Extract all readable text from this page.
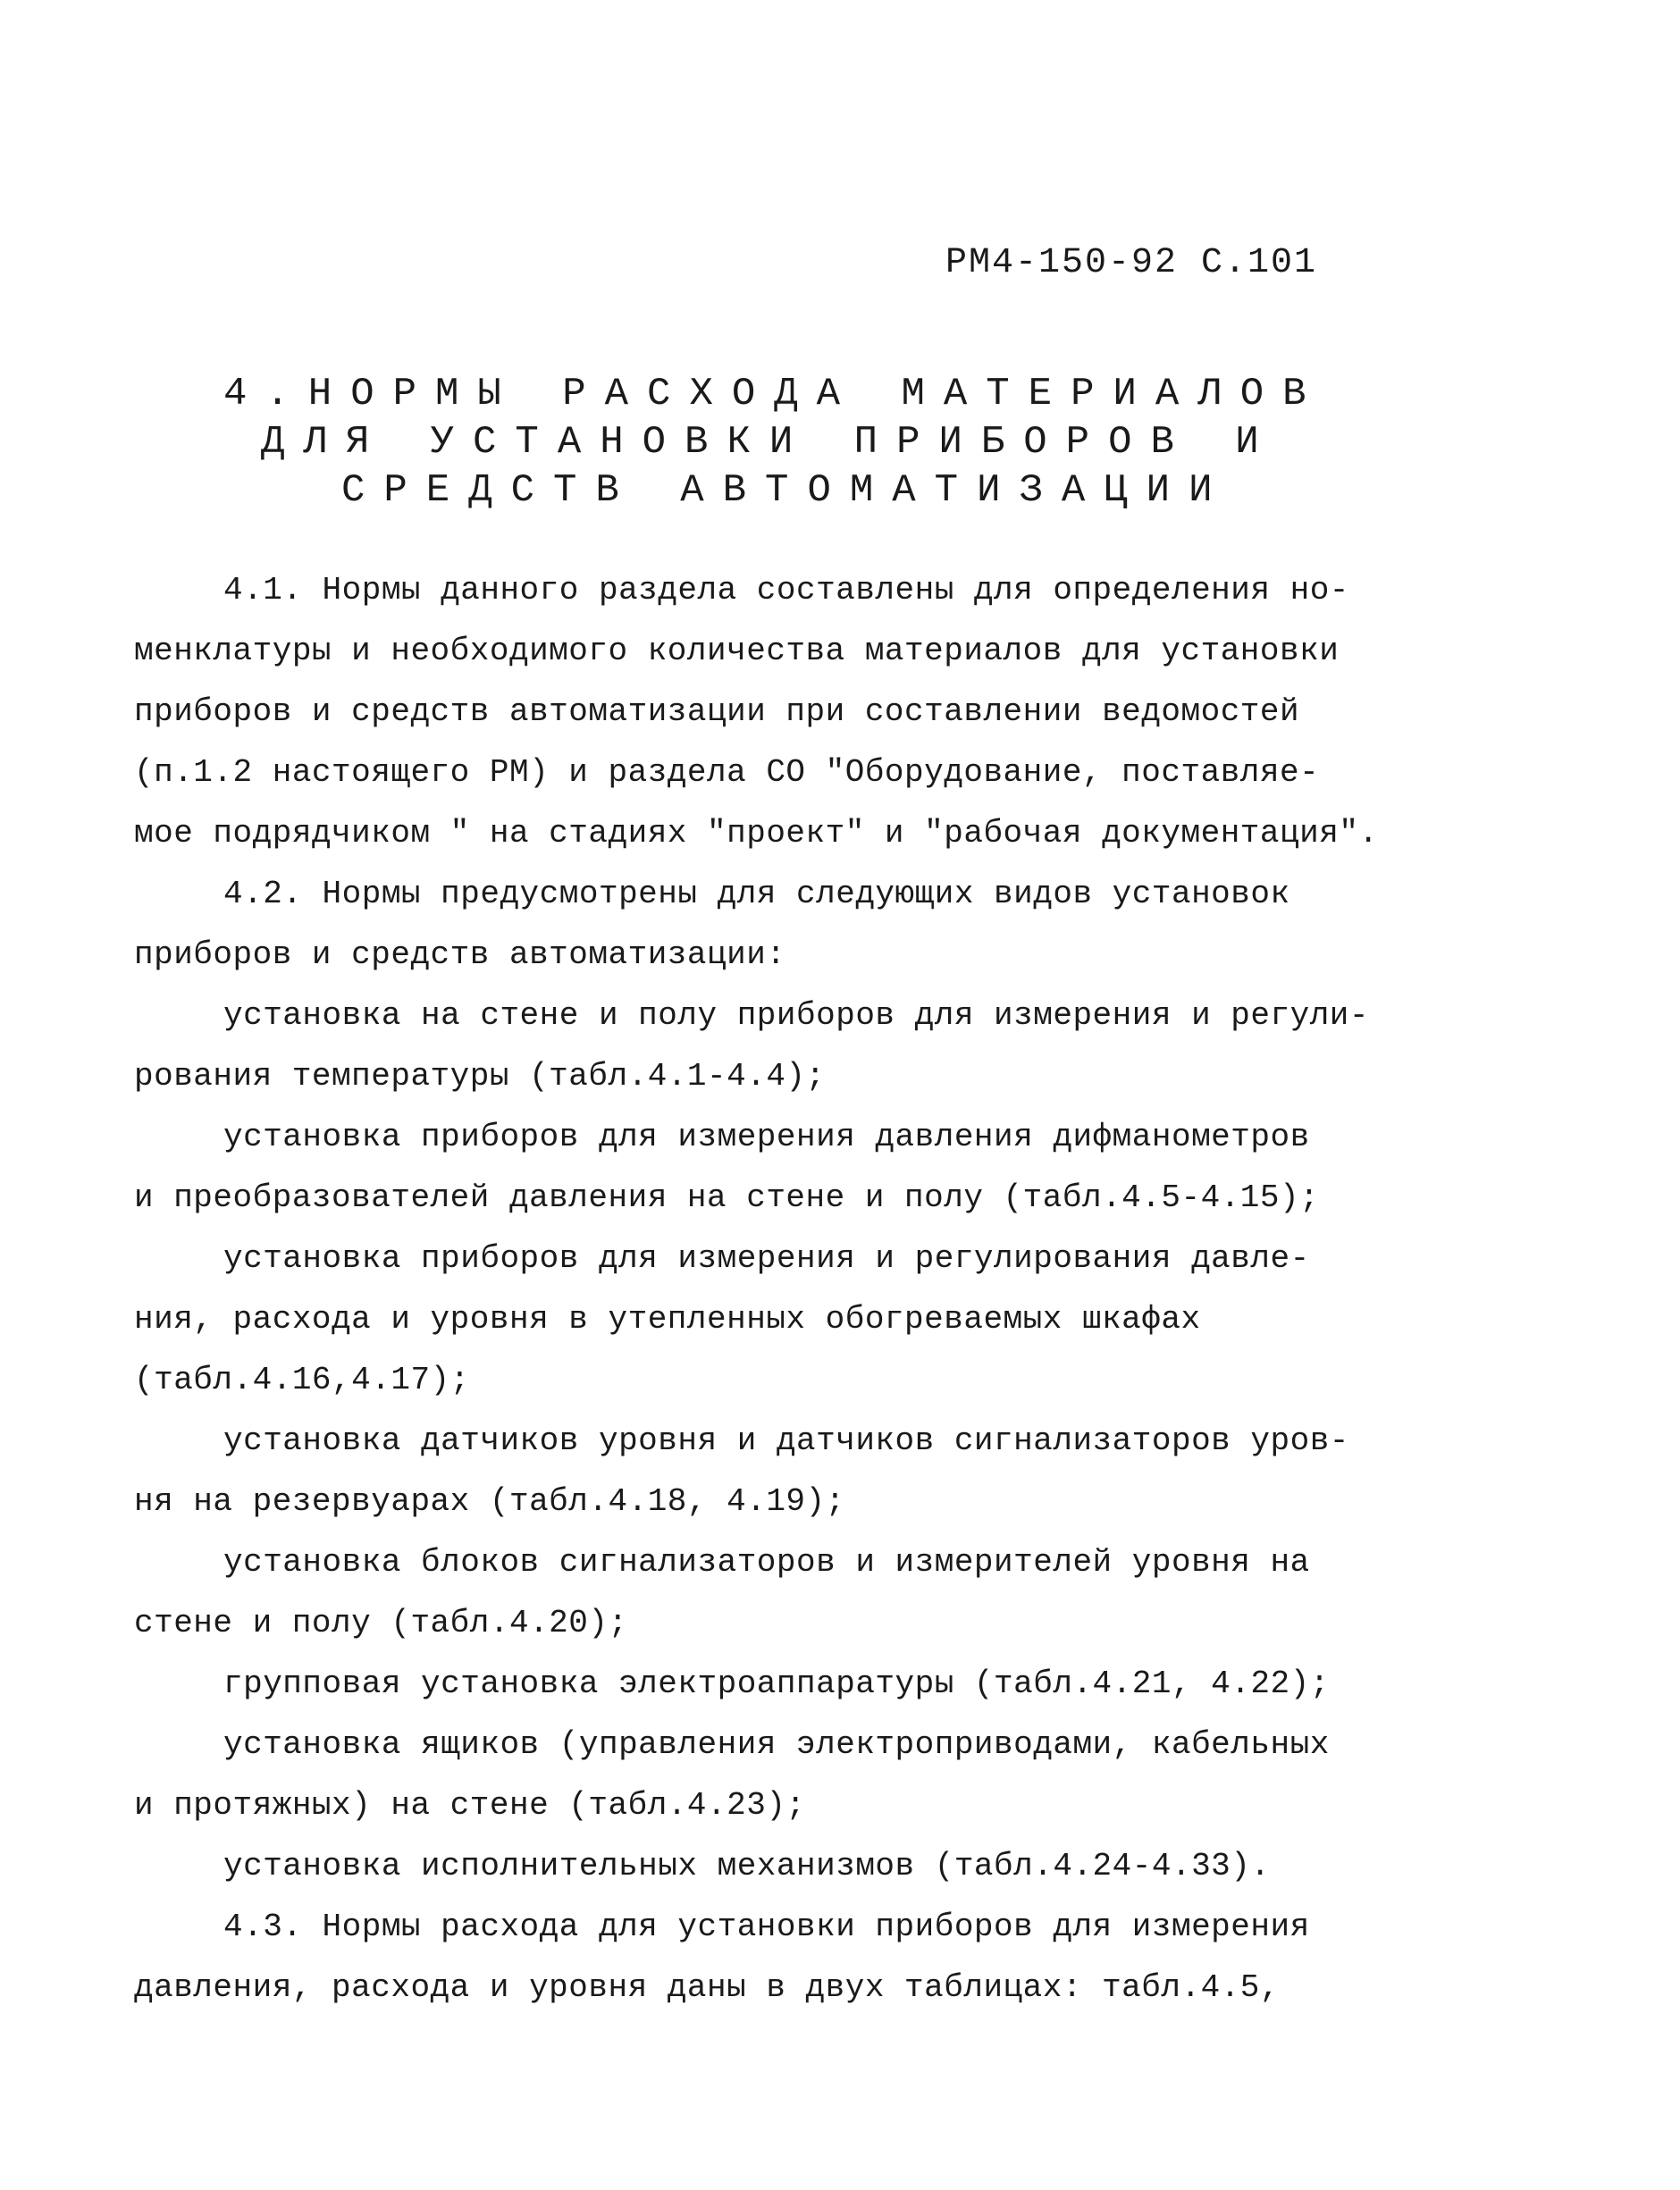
РМ4-150-92 С.101
4.НОРМЫ РАСХОДА МАТЕРИАЛОВ
ДЛЯ УСТАНОВКИ ПРИБОРОВ И
СРЕДСТВ АВТОМАТИЗАЦИИ
4.1. Нормы данного раздела составлены для определения но-
менклатуры и необходимого количества материалов для установки
приборов и средств автоматизации при составлении ведомостей
(п.1.2 настоящего РМ) и раздела СО "Оборудование, поставляе-
мое подрядчиком " на стадиях "проект" и "рабочая документация".
4.2. Нормы предусмотрены для следующих видов установок
приборов и средств автоматизации:
установка на стене и полу приборов для измерения и регули-
рования температуры (табл.4.1-4.4);
установка приборов для измерения давления дифманометров
и преобразователей давления на стене и полу (табл.4.5-4.15);
установка приборов для измерения и регулирования давле-
ния, расхода и уровня в утепленных обогреваемых шкафах
(табл.4.16,4.17);
установка датчиков уровня и датчиков сигнализаторов уров-
ня на резервуарах (табл.4.18, 4.19);
установка блоков сигнализаторов и измерителей уровня на
стене и полу (табл.4.20);
групповая установка электроаппаратуры (табл.4.21, 4.22);
установка ящиков (управления электроприводами, кабельных
и протяжных) на стене (табл.4.23);
установка исполнительных механизмов (табл.4.24-4.33).
4.3. Нормы расхода для установки приборов для измерения
давления, расхода и уровня даны в двух таблицах: табл.4.5,
